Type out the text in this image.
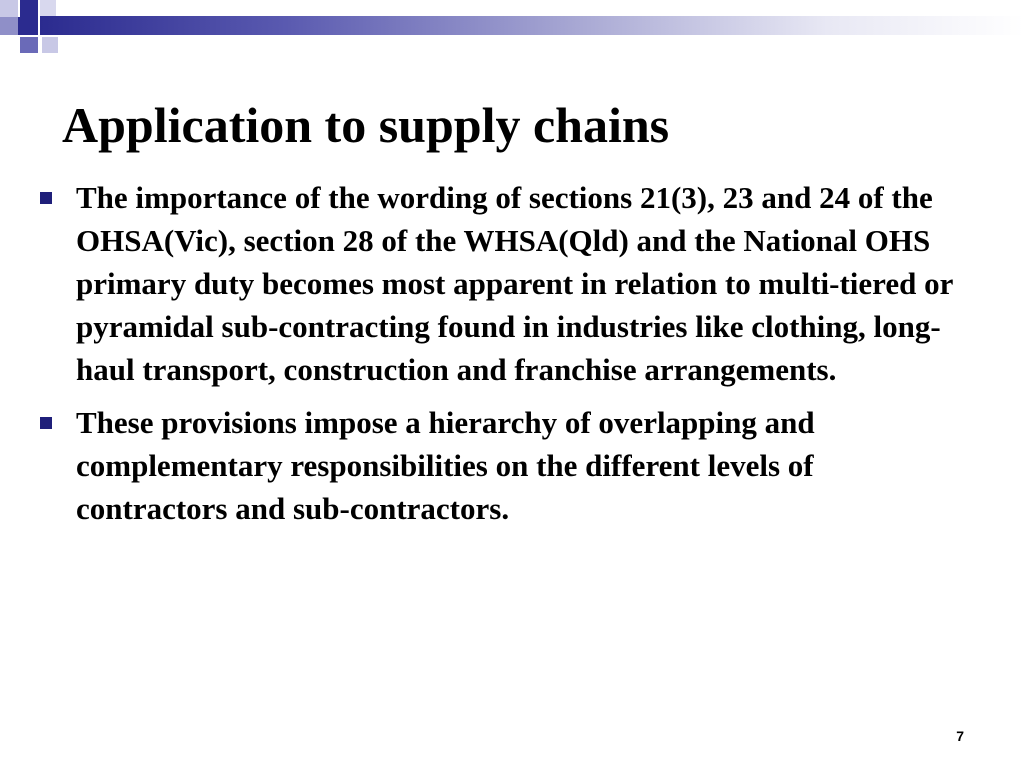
Application to supply chains
The importance of the wording of sections 21(3), 23 and 24 of the OHSA(Vic), section 28 of the WHSA(Qld) and the National OHS primary duty becomes most apparent in relation to multi-tiered or pyramidal sub-contracting found in industries like clothing, long-haul transport, construction and franchise arrangements.
These provisions impose a hierarchy of overlapping and complementary responsibilities on the different levels of contractors and sub-contractors.
7
